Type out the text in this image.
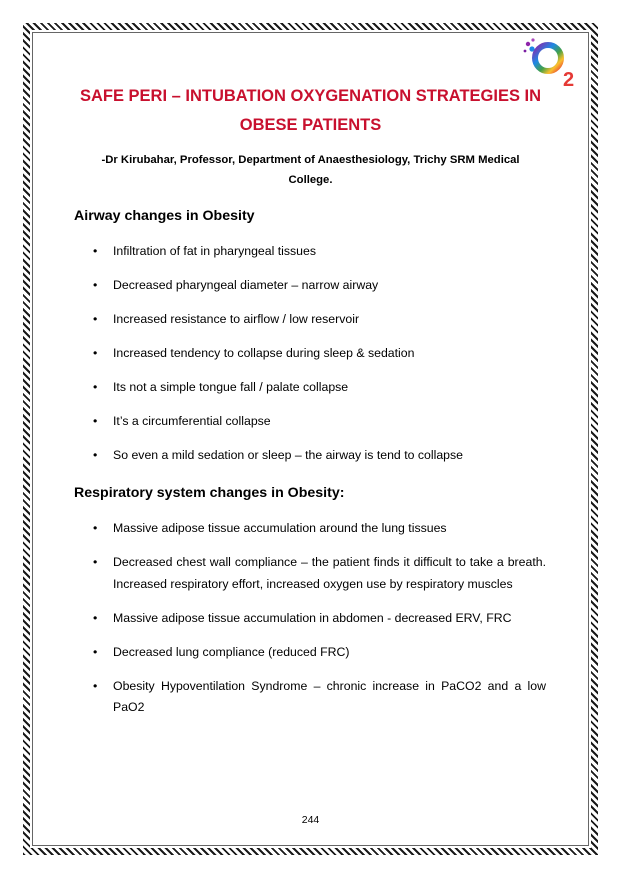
2
SAFE PERI – INTUBATION OXYGENATION STRATEGIES IN OBESE PATIENTS

-Dr Kirubahar, Professor, Department of Anaesthesiology, Trichy SRM Medical College.

Airway changes in Obesity
• Infiltration of fat in pharyngeal tissues
• Decreased pharyngeal diameter – narrow airway
• Increased resistance to airflow / low reservoir
• Increased tendency to collapse during sleep & sedation
• Its not a simple tongue fall / palate collapse
• It’s a circumferential collapse
• So even a mild sedation or sleep – the airway is tend to collapse
Respiratory system changes in Obesity:
• Massive adipose tissue accumulation around the lung tissues
• Decreased chest wall compliance – the patient finds it difficult to take a breath. Increased respiratory effort, increased oxygen use by respiratory muscles
• Massive adipose tissue accumulation in abdomen - decreased ERV, FRC
• Decreased lung compliance (reduced FRC)
• Obesity Hypoventilation Syndrome – chronic increase in PaCO2 and a low PaO2

244
